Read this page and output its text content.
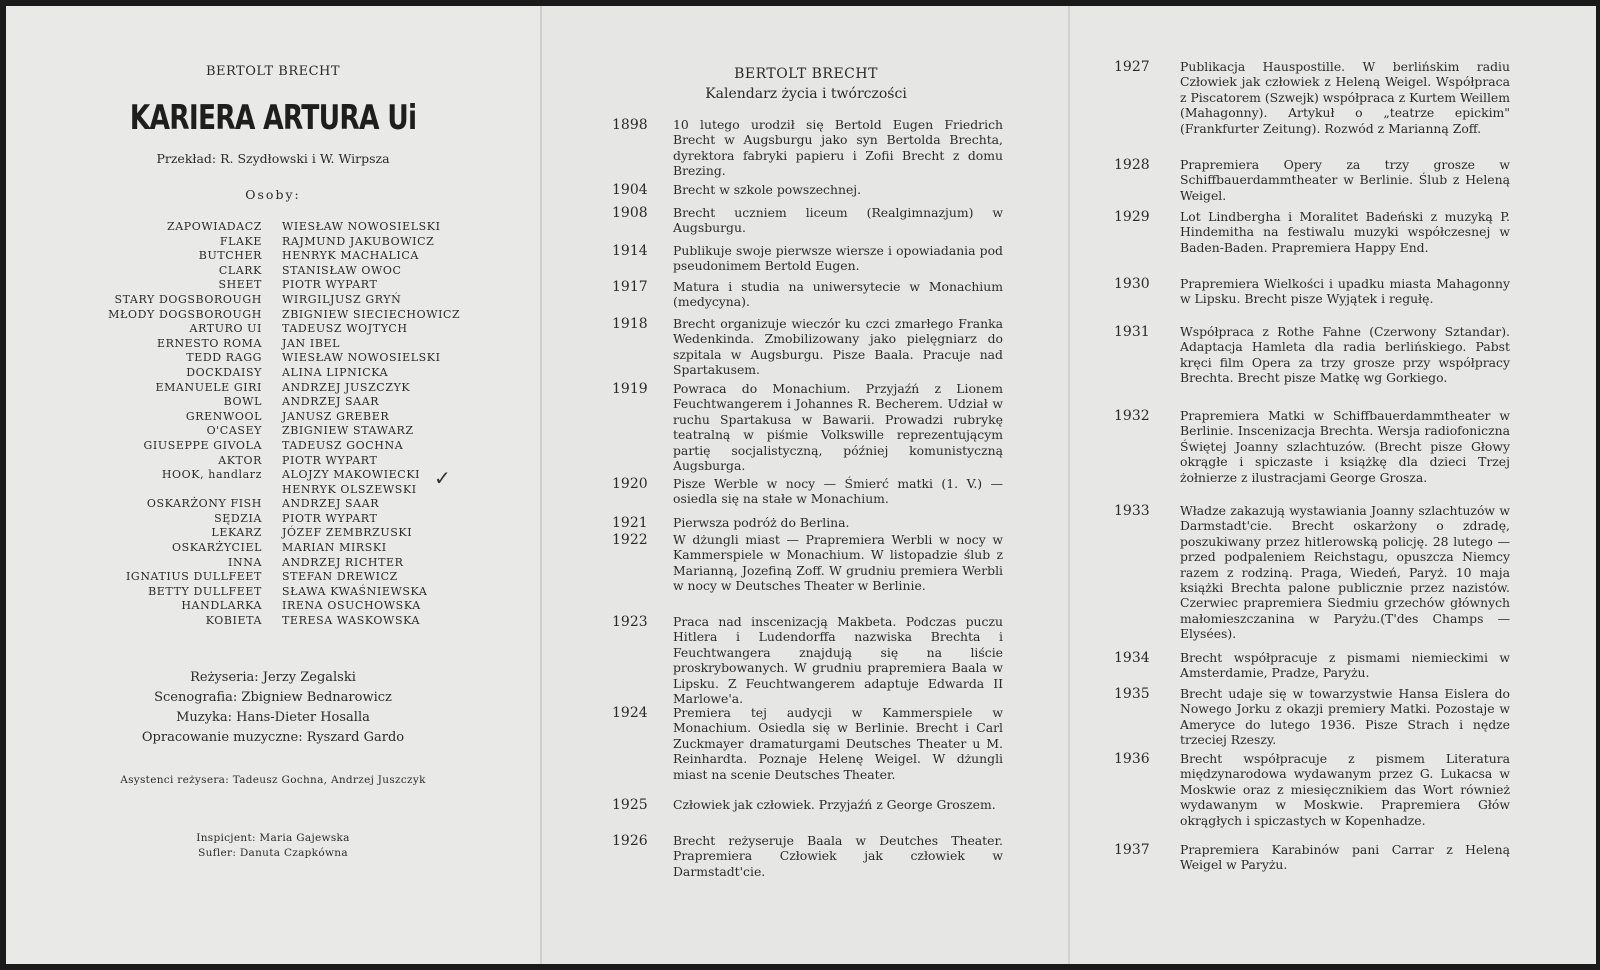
BERTOLT BRECHT
KARIERA ARTURA Ui
Przekład: R. Szydłowski i W. Wirpsza
Osoby:
ZAPOWIADACZ WIESŁAW NOWOSIELSKI
FLAKE RAJMUND JAKUBOWICZ
BUTCHER HENRYK MACHALICA
CLARK STANISŁAW OWOC
SHEET PIOTR WYPART
STARY DOGSBOROUGH WIRGILJUSZ GRYŃ
MŁODY DOGSBOROUGH ZBIGNIEW SIECIECHOWICZ
ARTURO UI TADEUSZ WOJTYCH
ERNESTO ROMA JAN IBEL
TEDD RAGG WIESŁAW NOWOSIELSKI
DOCKDAISY ALINA LIPNICKA
EMANUELE GIRI ANDRZEJ JUSZCZYK
BOWL ANDRZEJ SAAR
GRENWOOL JANUSZ GREBER
O'CASEY ZBIGNIEW STAWARZ
GIUSEPPE GIVOLA TADEUSZ GOCHNA
AKTOR PIOTR WYPART
HOOK, handlarz ALOJZY MAKOWIECKI
HENRYK OLSZEWSKI
OSKARŻONY FISH ANDRZEJ SAAR
SĘDZIA PIOTR WYPART
LEKARZ JÓZEF ZEMBRZUSKI
OSKARŻYCIEL MARIAN MIRSKI
INNA ANDRZEJ RICHTER
IGNATIUS DULLFEET STEFAN DREWICZ
BETTY DULLFEET SŁAWA KWAŚNIEWSKA
HANDLARKA IRENA OSUCHOWSKA
KOBIETA TERESA WASKOWSKA
✓
Reżyseria: Jerzy Zegalski
Scenografia: Zbigniew Bednarowicz
Muzyka: Hans-Dieter Hosalla
Opracowanie muzyczne: Ryszard Gardo
Asystenci reżysera: Tadeusz Gochna, Andrzej Juszczyk
Inspicjent: Maria Gajewska
Sufler: Danuta Czapkówna
BERTOLT BRECHT
Kalendarz życia i twórczości
1898 10 lutego urodził się Bertold Eugen Friedrich Brecht w Augsburgu jako syn Bertolda Brechta, dyrektora fabryki papieru i Zofii Brecht z domu Brezing.
1904 Brecht w szkole powszechnej.
1908 Brecht uczniem liceum (Realgimnazjum) w Augsburgu.
1914 Publikuje swoje pierwsze wiersze i opowiadania pod pseudonimem Bertold Eugen.
1917 Matura i studia na uniwersytecie w Monachium (medycyna).
1918 Brecht organizuje wieczór ku czci zmarłego Franka Wedenkinda. Zmobilizowany jako pielęgniarz do szpitala w Augsburgu. Pisze Baala. Pracuje nad Spartakusem.
1919 Powraca do Monachium. Przyjaźń z Lionem Feuchtwangerem i Johannes R. Becherem. Udział w ruchu Spartakusa w Bawarii. Prowadzi rubrykę teatralną w piśmie Volkswille reprezentującym partię socjalistyczną, później komunistyczną Augsburga.
1920 Pisze Werble w nocy — Śmierć matki (1. V.) — osiedla się na stałe w Monachium.
1921 Pierwsza podróż do Berlina.
1922 W dżungli miast — Prapremiera Werbli w nocy w Kammerspiele w Monachium. W listopadzie ślub z Marianną, Jozefiną Zoff. W grudniu premiera Werbli w nocy w Deutsches Theater w Berlinie.
1923 Praca nad inscenizacją Makbeta. Podczas puczu Hitlera i Ludendorffa nazwiska Brechta i Feuchtwangera znajdują się na liście proskrybowanych. W grudniu prapremiera Baala w Lipsku. Z Feuchtwangerem adaptuje Edwarda II Marlowe'a.
1924 Premiera tej audycji w Kammerspiele w Monachium. Osiedla się w Berlinie. Brecht i Carl Zuckmayer dramaturgami Deutsches Theater u M. Reinhardta. Poznaje Helenę Weigel. W dżungli miast na scenie Deutsches Theater.
1925 Człowiek jak człowiek. Przyjaźń z George Groszem.
1926 Brecht reżyseruje Baala w Deutches Theater. Prapremiera Człowiek jak człowiek w Darmstadt'cie.
1927 Publikacja Hauspostille. W berlińskim radiu Człowiek jak człowiek z Heleną Weigel. Współpraca z Piscatorem (Szwejk) współpraca z Kurtem Weillem (Mahagonny). Artykuł o „teatrze epickim" (Frankfurter Zeitung). Rozwód z Marianną Zoff.
1928 Prapremiera Opery za trzy grosze w Schiffbauerdammtheater w Berlinie. Ślub z Heleną Weigel.
1929 Lot Lindbergha i Moralitet Badeński z muzyką P. Hindemitha na festiwalu muzyki współczesnej w Baden-Baden. Prapremiera Happy End.
1930 Prapremiera Wielkości i upadku miasta Mahagonny w Lipsku. Brecht pisze Wyjątek i regułę.
1931 Współpraca z Rothe Fahne (Czerwony Sztandar). Adaptacja Hamleta dla radia berlińskiego. Pabst kręci film Opera za trzy grosze przy współpracy Brechta. Brecht pisze Matkę wg Gorkiego.
1932 Prapremiera Matki w Schiffbauerdammtheater w Berlinie. Inscenizacja Brechta. Wersja radiofoniczna Świętej Joanny szlachtuzów. (Brecht pisze Głowy okrągłe i spiczaste i książkę dla dzieci Trzej żołnierze z ilustracjami George Grosza.
1933 Władze zakazują wystawiania Joanny szlachtuzów w Darmstadt'cie. Brecht oskarżony o zdradę, poszukiwany przez hitlerowską policję. 28 lutego — przed podpaleniem Reichstagu, opuszcza Niemcy razem z rodziną. Praga, Wiedeń, Paryż. 10 maja książki Brechta palone publicznie przez nazistów. Czerwiec prapremiera Siedmiu grzechów głównych małomieszczanina w Paryżu.(T'des Champs — Elysées).
1934 Brecht współpracuje z pismami niemieckimi w Amsterdamie, Pradze, Paryżu.
1935 Brecht udaje się w towarzystwie Hansa Eislera do Nowego Jorku z okazji premiery Matki. Pozostaje w Ameryce do lutego 1936. Pisze Strach i nędze trzeciej Rzeszy.
1936 Brecht współpracuje z pismem Literatura międzynarodowa wydawanym przez G. Lukacsa w Moskwie oraz z miesięcznikiem das Wort również wydawanym w Moskwie. Prapremiera Głów okrągłych i spiczastych w Kopenhadze.
1937 Prapremiera Karabinów pani Carrar z Heleną Weigel w Paryżu.
